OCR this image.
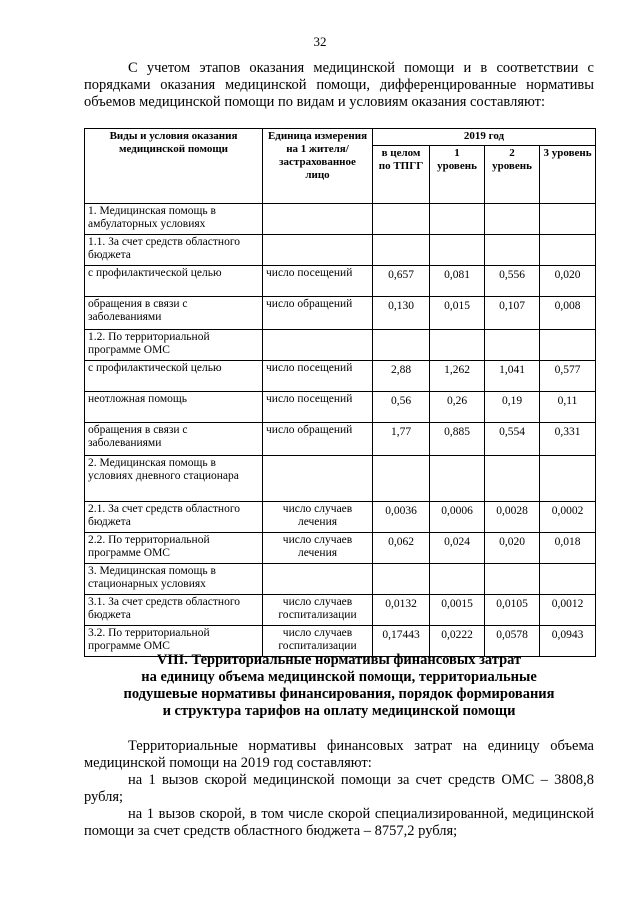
32

С учетом этапов оказания медицинской помощи и в соответствии с порядками оказания медицинской помощи, дифференцированные нормативы объемов медицинской помощи по видам и условиям оказания составляют:

Виды и условия оказания медицинской помощи	Единица измерения на 1 жителя/ застрахованное лицо	2019 год			
		в целом по ТПГГ	1 уровень	2 уровень	3 уровень
1. Медицинская помощь в амбулаторных условиях					
1.1. За счет средств областного бюджета					
с профилактической целью	число посещений	0,657	0,081	0,556	0,020
обращения в связи с заболеваниями	число обращений	0,130	0,015	0,107	0,008
1.2. По территориальной программе ОМС					
с профилактической целью	число посещений	2,88	1,262	1,041	0,577
неотложная помощь	число посещений	0,56	0,26	0,19	0,11
обращения в связи с заболеваниями	число обращений	1,77	0,885	0,554	0,331
2. Медицинская помощь в условиях дневного стационара					
2.1. За счет средств областного бюджета	число случаев лечения	0,0036	0,0006	0,0028	0,0002
2.2. По территориальной программе ОМС	число случаев лечения	0,062	0,024	0,020	0,018
3. Медицинская помощь в стационарных условиях					
3.1. За счет средств областного бюджета	число случаев госпитализации	0,0132	0,0015	0,0105	0,0012
3.2. По территориальной программе ОМС	число случаев госпитализации	0,17443	0,0222	0,0578	0,0943
VIII. Территориальные нормативы финансовых затрат
на единицу объема медицинской помощи, территориальные
подушевые нормативы финансирования, порядок формирования
и структура тарифов на оплату медицинской помощи

Территориальные нормативы финансовых затрат на единицу объема медицинской помощи на 2019 год составляют:

на 1 вызов скорой медицинской помощи за счет средств ОМС – 3808,8 рубля;

на 1 вызов скорой, в том числе скорой специализированной, медицинской помощи за счет средств областного бюджета – 8757,2 рубля;
